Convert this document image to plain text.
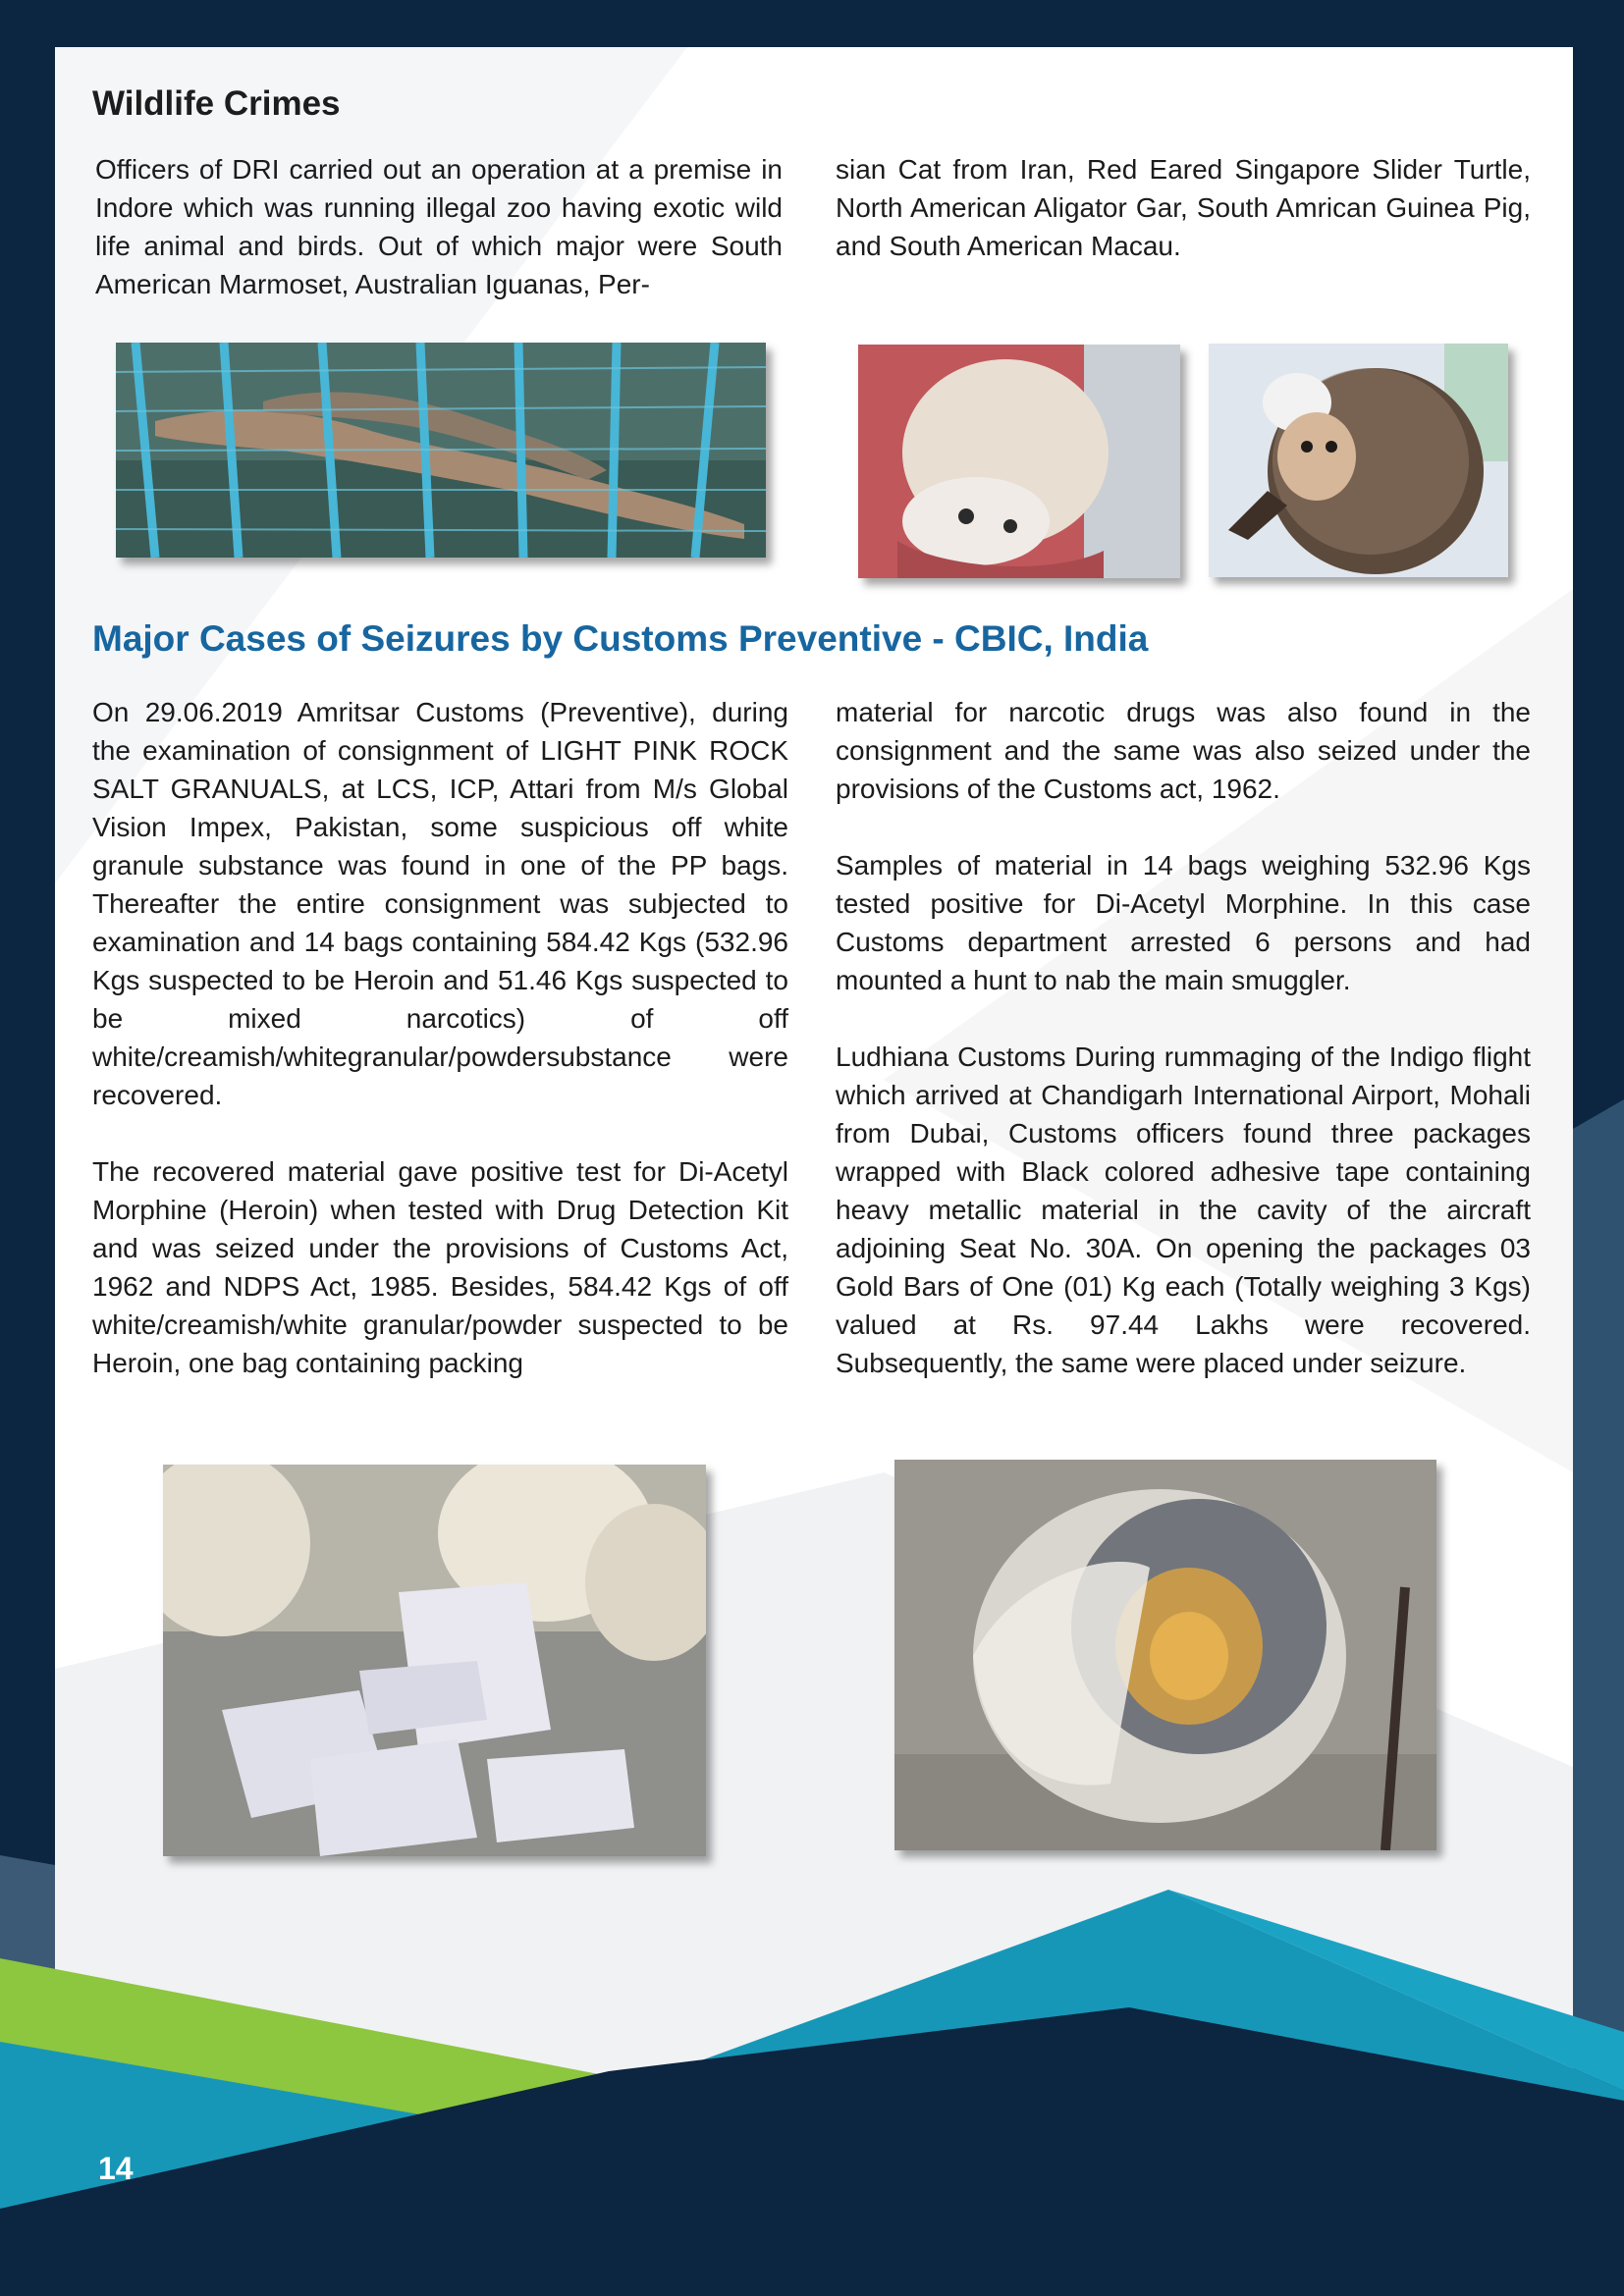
Wildlife Crimes

Officers of DRI carried out an operation at a premise in Indore which was running illegal zoo having exotic wild life animal and birds. Out of which major were South American Marmoset, Australian Iguanas, Per-

sian Cat from Iran, Red Eared Singapore Slider Turtle, North American Aligator Gar, South Amrican Guinea Pig, and South American Macau.

Major Cases of Seizures by Customs Preventive - CBIC, India

On 29.06.2019 Amritsar Customs (Preventive), during the examination of consignment of LIGHT PINK ROCK SALT GRANUALS, at LCS, ICP, Attari from M/s Global Vision Impex, Pakistan, some suspicious off white granule substance was found in one of the PP bags. Thereafter the entire consignment was subjected to examination and 14 bags containing 584.42 Kgs (532.96 Kgs suspected to be Heroin and 51.46 Kgs suspected to be mixed narcotics) of off white/creamish/whitegranular/powdersubstance were recovered.

The recovered material gave positive test for Di-Acetyl Morphine (Heroin) when tested with Drug Detection Kit and was seized under the provisions of Customs Act, 1962 and NDPS Act, 1985. Besides, 584.42 Kgs of off white/creamish/white granular/powder suspected to be Heroin, one bag containing packing

material for narcotic drugs was also found in the consignment and the same was also seized under the provisions of the Customs act, 1962.

Samples of material in 14 bags weighing 532.96 Kgs tested positive for Di-Acetyl Morphine. In this case Customs department arrested 6 persons and had mounted a hunt to nab the main smuggler.

Ludhiana Customs During rummaging of the Indigo flight which arrived at Chandigarh International Airport, Mohali from Dubai, Customs officers found three packages wrapped with Black colored adhesive tape containing heavy metallic material in the cavity of the aircraft adjoining Seat No. 30A. On opening the packages 03 Gold Bars of One (01) Kg each (Totally weighing 3 Kgs) valued at Rs. 97.44 Lakhs were recovered. Subsequently, the same were placed under seizure.

14
